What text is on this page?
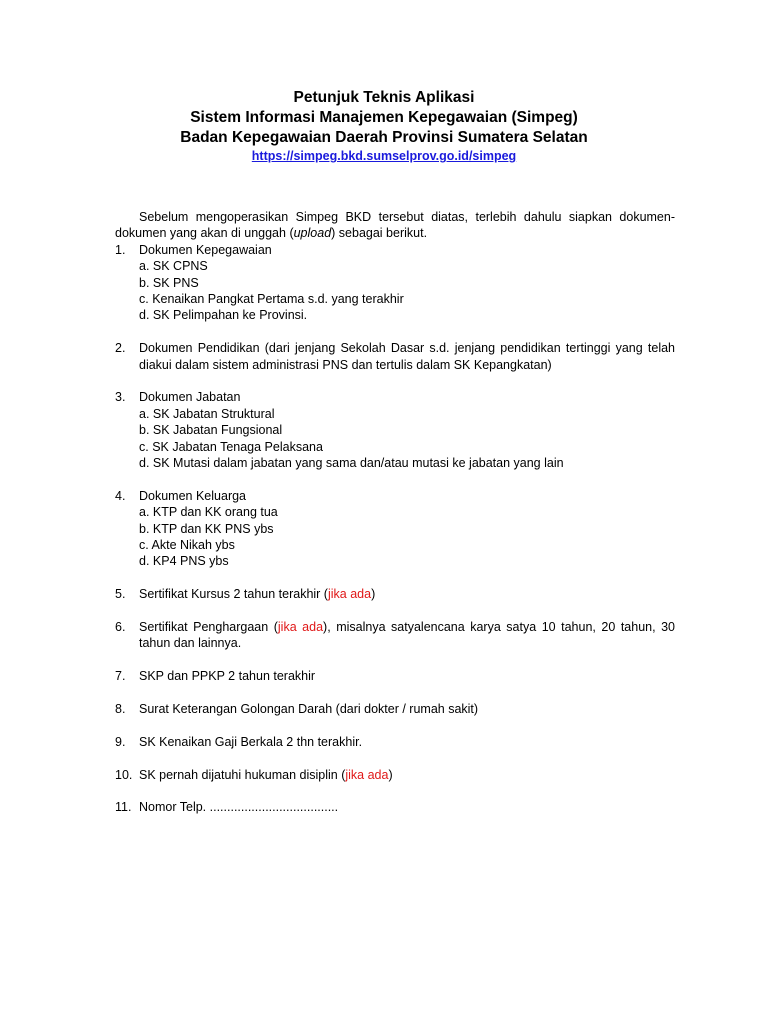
Petunjuk Teknis Aplikasi
Sistem Informasi Manajemen Kepegawaian (Simpeg)
Badan Kepegawaian Daerah Provinsi Sumatera Selatan
https://simpeg.bkd.sumselprov.go.id/simpeg

Sebelum mengoperasikan Simpeg BKD tersebut diatas, terlebih dahulu siapkan dokumen-dokumen yang akan di unggah (upload) sebagai berikut.

1. Dokumen Kepegawaian
a. SK CPNS
b. SK PNS
c. Kenaikan Pangkat Pertama s.d. yang terakhir
d. SK Pelimpahan ke Provinsi.
2. Dokumen Pendidikan (dari jenjang Sekolah Dasar s.d. jenjang pendidikan tertinggi yang telah diakui dalam sistem administrasi PNS dan tertulis dalam SK Kepangkatan)
3. Dokumen Jabatan
a. SK Jabatan Struktural
b. SK Jabatan Fungsional
c. SK Jabatan Tenaga Pelaksana
d. SK Mutasi dalam jabatan yang sama dan/atau mutasi ke jabatan yang lain
4. Dokumen Keluarga
a. KTP dan KK orang tua
b. KTP dan KK PNS ybs
c. Akte Nikah ybs
d. KP4 PNS ybs
5. Sertifikat Kursus 2 tahun terakhir (jika ada)
6. Sertifikat Penghargaan (jika ada), misalnya satyalencana karya satya 10 tahun, 20 tahun, 30 tahun dan lainnya.
7. SKP dan PPKP 2 tahun terakhir
8. Surat Keterangan Golongan Darah (dari dokter / rumah sakit)
9. SK Kenaikan Gaji Berkala 2 thn terakhir.
10. SK pernah dijatuhi hukuman disiplin (jika ada)
11. Nomor Telp. .....................................
